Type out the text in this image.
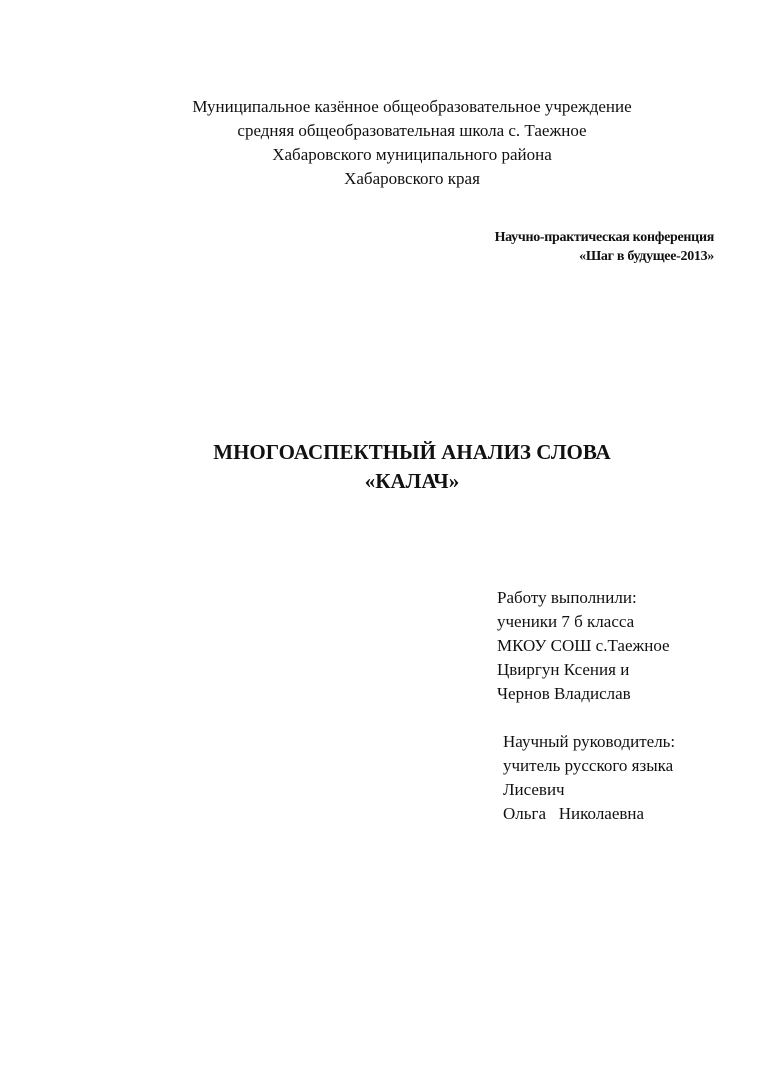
Муниципальное казённое общеобразовательное учреждение
средняя общеобразовательная школа с. Таежное
Хабаровского муниципального района
Хабаровского края
Научно-практическая конференция
«Шаг в будущее-2013»
МНОГОАСПЕКТНЫЙ АНАЛИЗ СЛОВА
«КАЛАЧ»
Работу выполнили:
ученики 7 б класса
МКОУ СОШ с.Таежное
Цвиргун Ксения и
Чернов Владислав
Научный руководитель:
учитель русского языка
Лисевич
Ольга   Николаевна
